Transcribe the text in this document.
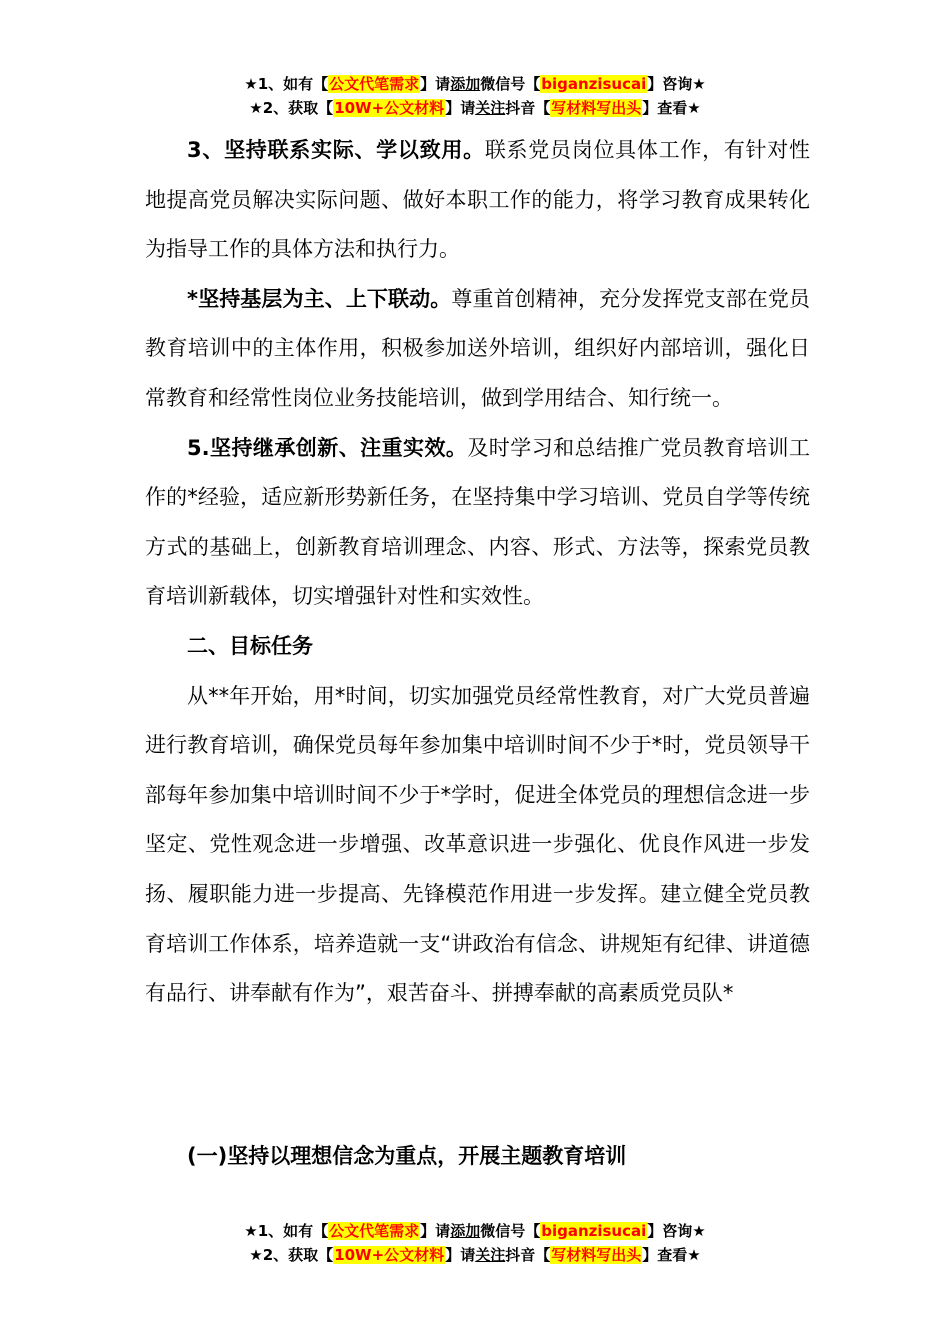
★1、如有【公文代笔需求】请添加微信号【biganzisucai】咨询★
★2、获取【10W+公文材料】请关注抖音【写材料写出头】查看★

3、坚持联系实际、学以致用。联系党员岗位具体工作，有针对性地提高党员解决实际问题、做好本职工作的能力，将学习教育成果转化为指导工作的具体方法和执行力。

*坚持基层为主、上下联动。尊重首创精神，充分发挥党支部在党员教育培训中的主体作用，积极参加送外培训，组织好内部培训，强化日常教育和经常性岗位业务技能培训，做到学用结合、知行统一。

5.坚持继承创新、注重实效。及时学习和总结推广党员教育培训工作的*经验，适应新形势新任务，在坚持集中学习培训、党员自学等传统方式的基础上，创新教育培训理念、内容、形式、方法等，探索党员教育培训新载体，切实增强针对性和实效性。

二、目标任务

从**年开始，用*时间，切实加强党员经常性教育，对广大党员普遍进行教育培训，确保党员每年参加集中培训时间不少于*时，党员领导干部每年参加集中培训时间不少于*学时，促进全体党员的理想信念进一步坚定、党性观念进一步增强、改革意识进一步强化、优良作风进一步发扬、履职能力进一步提高、先锋模范作用进一步发挥。建立健全党员教育培训工作体系，培养造就一支“讲政治有信念、讲规矩有纪律、讲道德有品行、讲奉献有作为”，艰苦奋斗、拼搏奉献的高素质党员队*

(一)坚持以理想信念为重点，开展主题教育培训
★1、如有【公文代笔需求】请添加微信号【biganzisucai】咨询★
★2、获取【10W+公文材料】请关注抖音【写材料写出头】查看★
